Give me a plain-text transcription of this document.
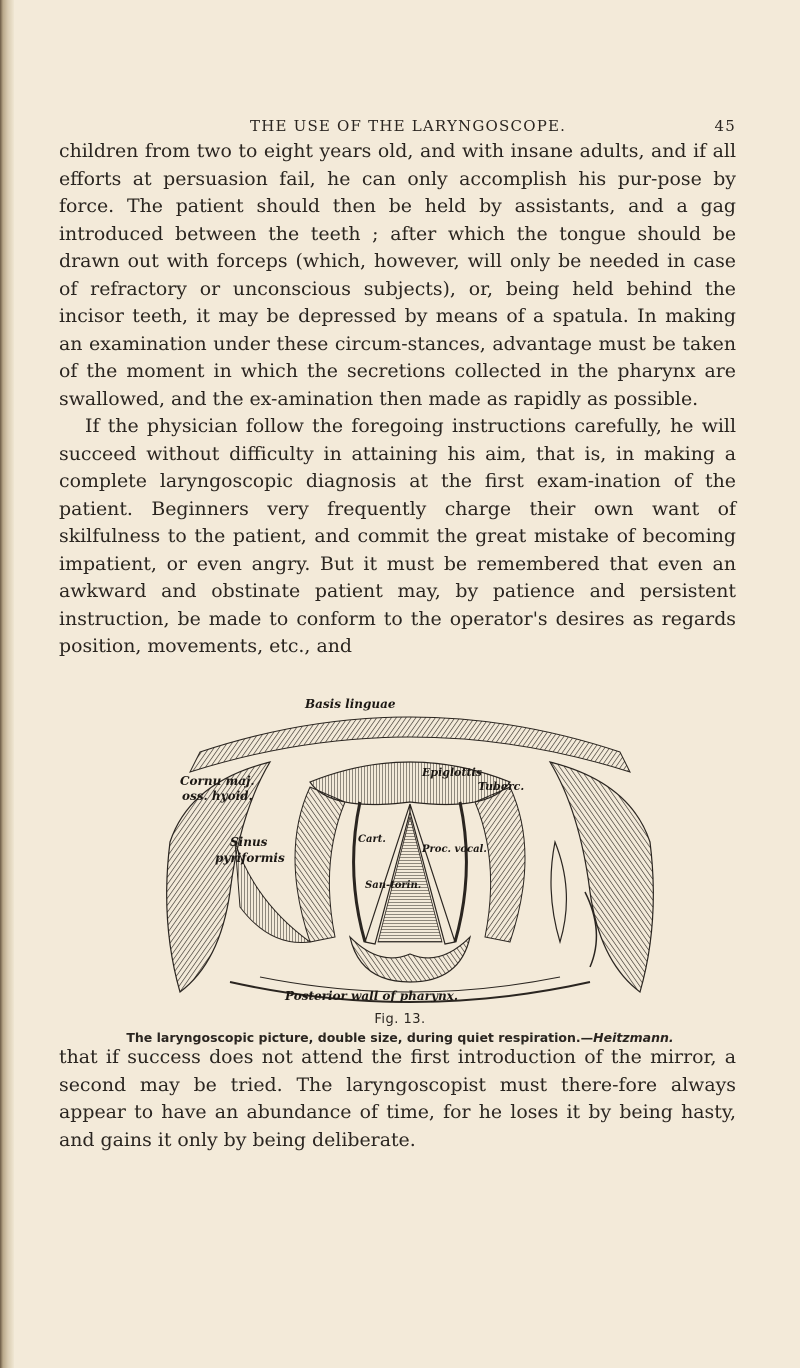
THE USE OF THE LARYNGOSCOPE.	45

children from two to eight years old, and with insane adults, and if all efforts at persuasion fail, he can only accomplish his pur-pose by force. The patient should then be held by assistants, and a gag introduced between the teeth ; after which the tongue should be drawn out with forceps (which, however, will only be needed in case of refractory or unconscious subjects), or, being held behind the incisor teeth, it may be depressed by means of a spatula. In making an examination under these circum-stances, advantage must be taken of the moment in which the secretions collected in the pharynx are swallowed, and the ex-amination then made as rapidly as possible.

If the physician follow the foregoing instructions carefully, he will succeed without difficulty in attaining his aim, that is, in making a complete laryngoscopic diagnosis at the first exam-ination of the patient. Beginners very frequently charge their own want of skilfulness to the patient, and commit the great mistake of becoming impatient, or even angry. But it must be remembered that even an awkward and obstinate patient may, by patience and persistent instruction, be made to conform to the operator's desires as regards position, movements, etc., and

Basis linguae
Cornu maj.
oss. hyoid.
Sinus
pyriformis
Epiglottis
Tuberc.
Cart.
Proc. vocal.
San-torin.
Posterior wall of pharynx.
Fig. 13.
The laryngoscopic picture, double size, during quiet respiration.—Heitzmann.

that if success does not attend the first introduction of the mirror, a second may be tried. The laryngoscopist must there-fore always appear to have an abundance of time, for he loses it by being hasty, and gains it only by being deliberate.
